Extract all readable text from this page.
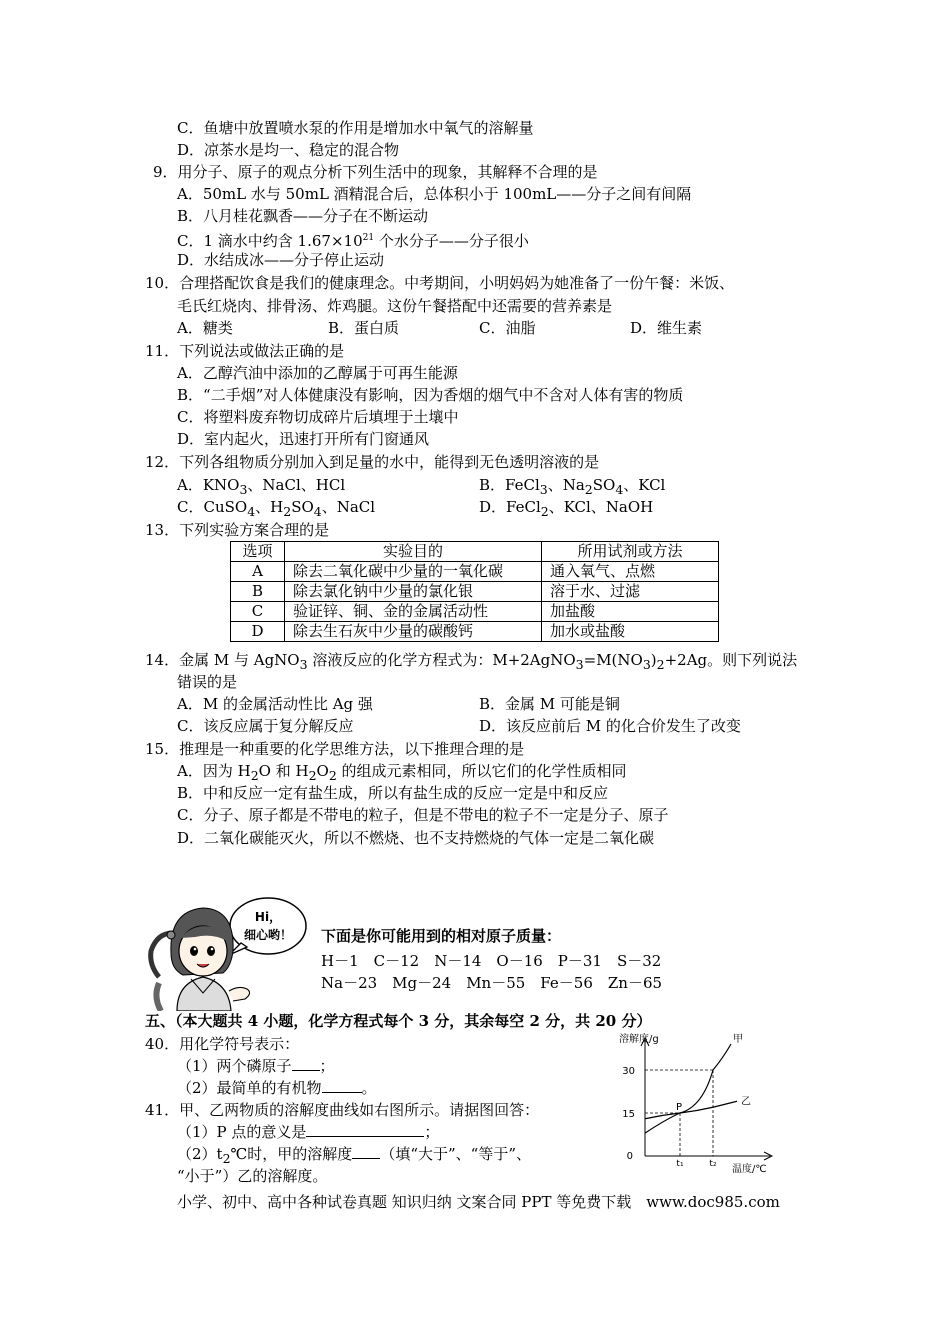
C．鱼塘中放置喷水泵的作用是增加水中氧气的溶解量
D．凉茶水是均一、稳定的混合物
9．用分子、原子的观点分析下列生活中的现象，其解释不合理的是
A．50mL 水与 50mL 酒精混合后，总体积小于 100mL——分子之间有间隔
B．八月桂花飘香——分子在不断运动
C．1 滴水中约含 $1.67\times 10^{21}$ 个水分子——分子很小
D．水结成冰——分子停止运动
10．合理搭配饮食是我们的健康理念。中考期间，小明妈妈为她准备了一份午餐：米饭、
毛氏红烧肉、排骨汤、炸鸡腿。这份午餐搭配中还需要的营养素是
A．糖类	B．蛋白质	C．油脂	D．维生素
11．下列说法或做法正确的是
A．乙醇汽油中添加的乙醇属于可再生能源
B．“二手烟”对人体健康没有影响，因为香烟的烟气中不含对人体有害的物质
C．将塑料废弃物切成碎片后填埋于土壤中
D．室内起火，迅速打开所有门窗通风
12．下列各组物质分别加入到足量的水中，能得到无色透明溶液的是
A．$KNO_3$、NaCl、HCl	B．FeCl$_3$、$Na_2SO_4$、KCl
C．CuSO$_4$、$H_2SO_4$、NaCl	D．FeCl$_2$、KCl、NaOH
13．下列实验方案合理的是
选项	实验目的	所用试剂或方法
A	除去二氧化碳中少量的一氧化碳	通入氧气、点燃
B	除去氯化钠中少量的氯化银	溶于水、过滤
C	验证锌、铜、金的金属活动性	加盐酸
D	除去生石灰中少量的碳酸钙	加水或盐酸
14．金属 M 与 AgNO$_3$ 溶液反应的化学方程式为：$M+2AgNO_3=M(NO_3)_2+2Ag$。则下列说法
错误的是
A．M 的金属活动性比 Ag 强	B．金属 M 可能是铜
C．该反应属于复分解反应	D．该反应前后 M 的化合价发生了改变
15．推理是一种重要的化学思维方法，以下推理合理的是
A．因为 $H_2O$ 和 $H_2O_2$ 的组成元素相同，所以它们的化学性质相同
B．中和反应一定有盐生成，所以有盐生成的反应一定是中和反应
C．分子、原子都是不带电的粒子，但是不带电的粒子不一定是分子、原子
D．二氧化碳能灭火，所以不燃烧、也不支持燃烧的气体一定是二氧化碳
Hi，
细心哟！ 下面是你可能用到的相对原子质量：
H－1　C－12　N－14　O－16　P－31　S－32
Na－23　Mg－24　Mn－55　Fe－56　Zn－65
五、（本大题共 4 小题，化学方程式每个 3 分，其余每空 2 分，共 20 分）
40．用化学符号表示：
（1）两个磷原子 ；
（2）最简单的有机物	。
41．甲、乙两物质的溶解度曲线如右图所示。请据图回答：
（1）P 点的意义是	；
$(2)t_2℃$时，甲的溶解度 （填“大于”、“等于”、
“小于”）乙的溶解度。
溶解度/g
温度/℃
0
15
30
t₁	t₂
甲
乙
P
小学、初中、高中各种试卷真题 知识归纳 文案合同 PPT 等免费下载　www.doc985.com
